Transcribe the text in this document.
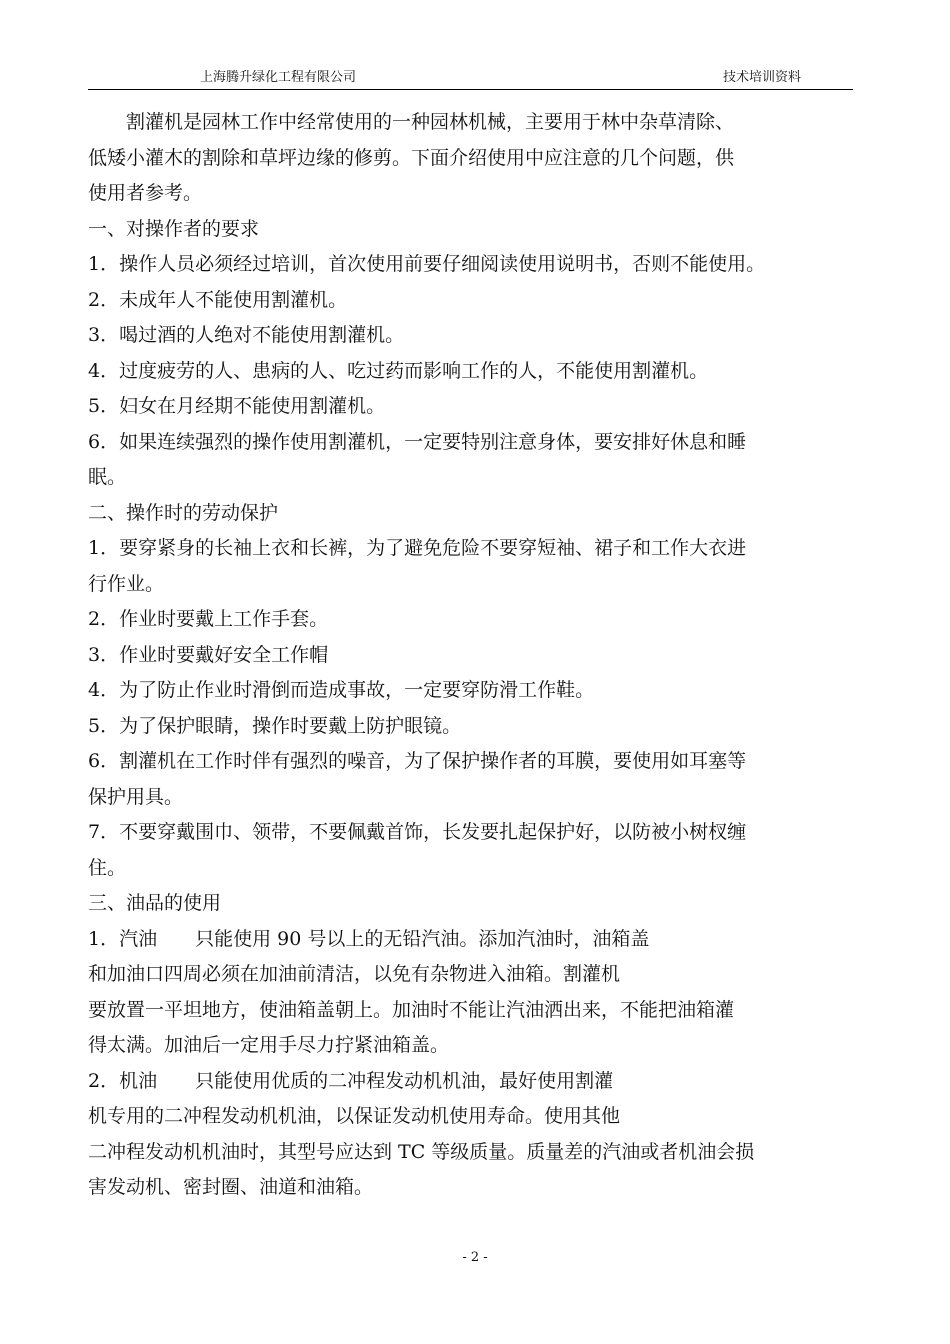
上海腾升绿化工程有限公司	技术培训资料
割灌机是园林工作中经常使用的一种园林机械，主要用于林中杂草清除、
低矮小灌木的割除和草坪边缘的修剪。下面介绍使用中应注意的几个问题，供
使用者参考。
一、对操作者的要求
1．操作人员必须经过培训，首次使用前要仔细阅读使用说明书，否则不能使用。
2．未成年人不能使用割灌机。
3．喝过酒的人绝对不能使用割灌机。
4．过度疲劳的人、患病的人、吃过药而影响工作的人，不能使用割灌机。
5．妇女在月经期不能使用割灌机。
6．如果连续强烈的操作使用割灌机，一定要特别注意身体，要安排好休息和睡
眠。
二、操作时的劳动保护
1．要穿紧身的长袖上衣和长裤，为了避免危险不要穿短袖、裙子和工作大衣进
行作业。
2．作业时要戴上工作手套。
3．作业时要戴好安全工作帽
4．为了防止作业时滑倒而造成事故，一定要穿防滑工作鞋。
5．为了保护眼睛，操作时要戴上防护眼镜。
6．割灌机在工作时伴有强烈的噪音，为了保护操作者的耳膜，要使用如耳塞等
保护用具。
7．不要穿戴围巾、领带，不要佩戴首饰，长发要扎起保护好，以防被小树杈缠
住。
三、油品的使用
1．汽油　　只能使用 90 号以上的无铅汽油。添加汽油时，油箱盖
和加油口四周必须在加油前清洁，以免有杂物进入油箱。割灌机
要放置一平坦地方，使油箱盖朝上。加油时不能让汽油洒出来，不能把油箱灌
得太满。加油后一定用手尽力拧紧油箱盖。
2．机油　　只能使用优质的二冲程发动机机油，最好使用割灌
机专用的二冲程发动机机油，以保证发动机使用寿命。使用其他
二冲程发动机机油时，其型号应达到 TC 等级质量。质量差的汽油或者机油会损
害发动机、密封圈、油道和油箱。
- 2 -
